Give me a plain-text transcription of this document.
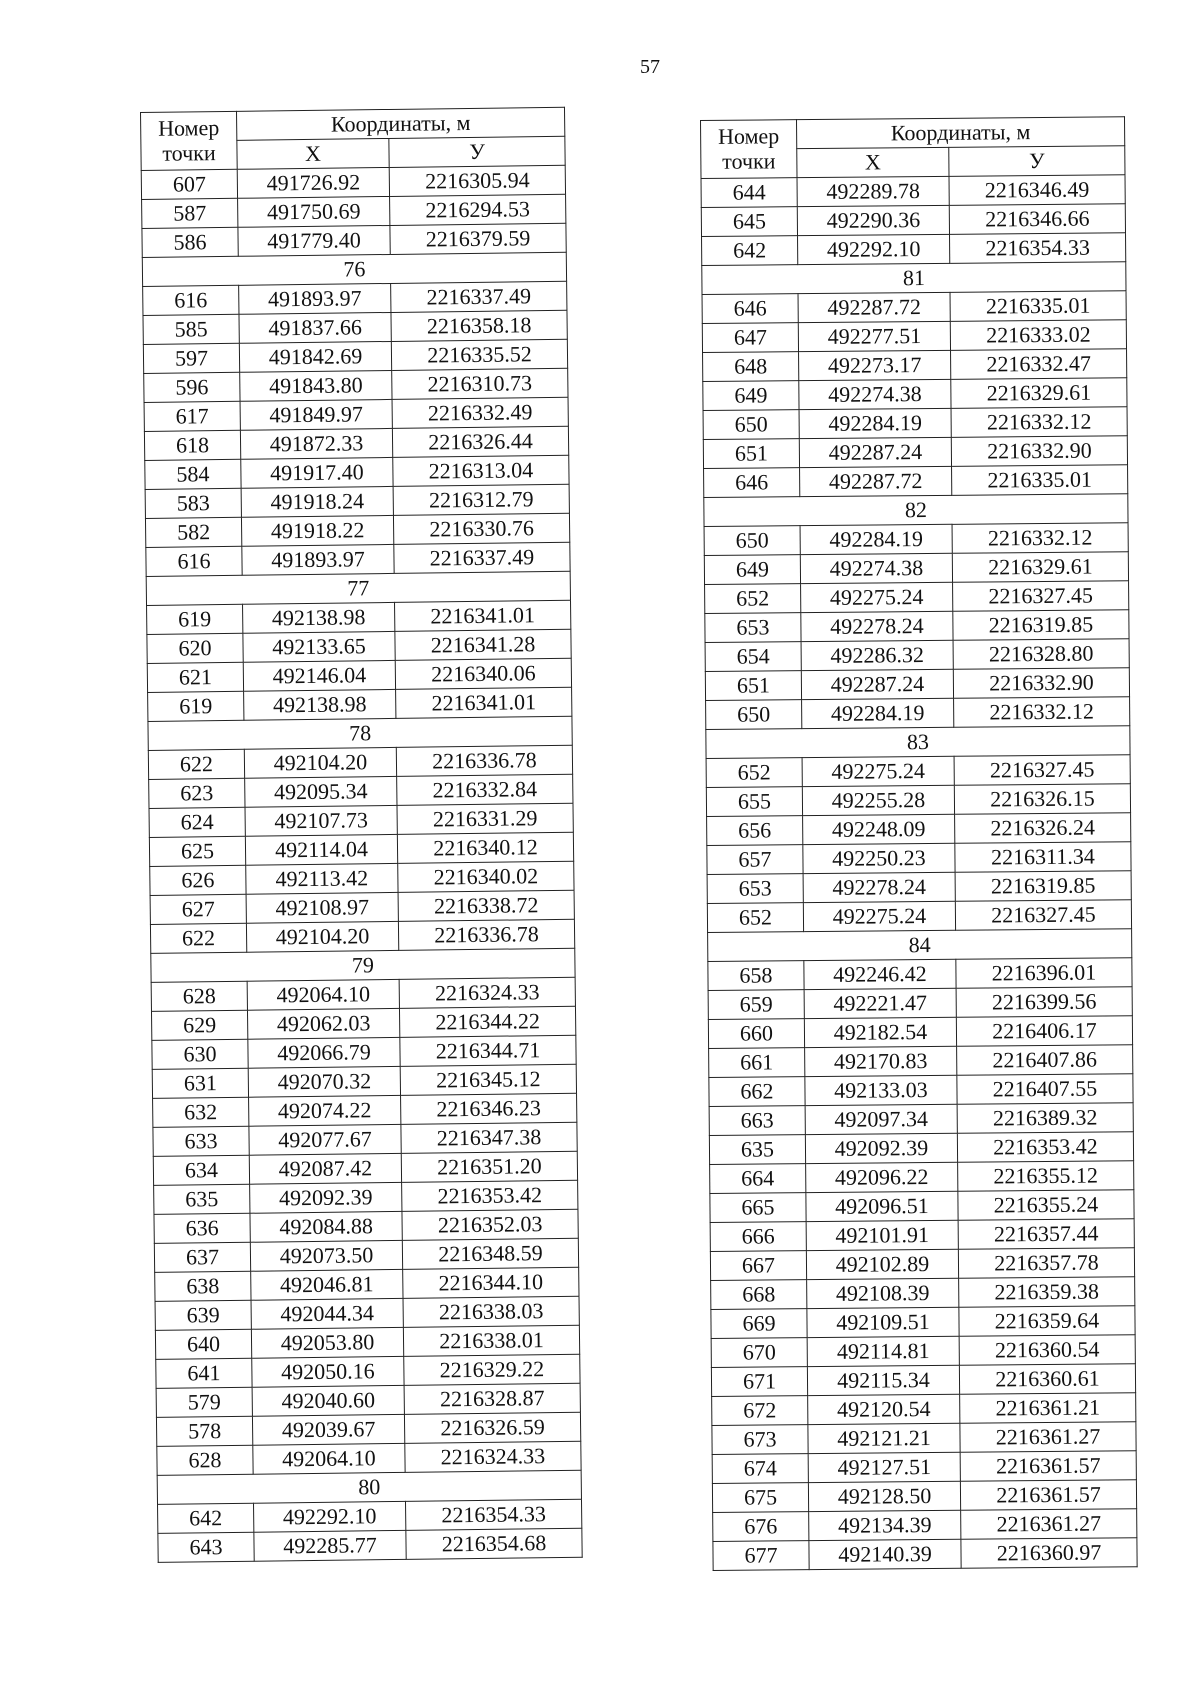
57
Номер
точки	Координаты, м	
	X	У
607	491726.92	2216305.94
587	491750.69	2216294.53
586	491779.40	2216379.59
76		
616	491893.97	2216337.49
585	491837.66	2216358.18
597	491842.69	2216335.52
596	491843.80	2216310.73
617	491849.97	2216332.49
618	491872.33	2216326.44
584	491917.40	2216313.04
583	491918.24	2216312.79
582	491918.22	2216330.76
616	491893.97	2216337.49
77		
619	492138.98	2216341.01
620	492133.65	2216341.28
621	492146.04	2216340.06
619	492138.98	2216341.01
78		
622	492104.20	2216336.78
623	492095.34	2216332.84
624	492107.73	2216331.29
625	492114.04	2216340.12
626	492113.42	2216340.02
627	492108.97	2216338.72
622	492104.20	2216336.78
79		
628	492064.10	2216324.33
629	492062.03	2216344.22
630	492066.79	2216344.71
631	492070.32	2216345.12
632	492074.22	2216346.23
633	492077.67	2216347.38
634	492087.42	2216351.20
635	492092.39	2216353.42
636	492084.88	2216352.03
637	492073.50	2216348.59
638	492046.81	2216344.10
639	492044.34	2216338.03
640	492053.80	2216338.01
641	492050.16	2216329.22
579	492040.60	2216328.87
578	492039.67	2216326.59
628	492064.10	2216324.33
80		
642	492292.10	2216354.33
643	492285.77	2216354.68
Номер
точки	Координаты, м	
	X	У
644	492289.78	2216346.49
645	492290.36	2216346.66
642	492292.10	2216354.33
81		
646	492287.72	2216335.01
647	492277.51	2216333.02
648	492273.17	2216332.47
649	492274.38	2216329.61
650	492284.19	2216332.12
651	492287.24	2216332.90
646	492287.72	2216335.01
82		
650	492284.19	2216332.12
649	492274.38	2216329.61
652	492275.24	2216327.45
653	492278.24	2216319.85
654	492286.32	2216328.80
651	492287.24	2216332.90
650	492284.19	2216332.12
83		
652	492275.24	2216327.45
655	492255.28	2216326.15
656	492248.09	2216326.24
657	492250.23	2216311.34
653	492278.24	2216319.85
652	492275.24	2216327.45
84		
658	492246.42	2216396.01
659	492221.47	2216399.56
660	492182.54	2216406.17
661	492170.83	2216407.86
662	492133.03	2216407.55
663	492097.34	2216389.32
635	492092.39	2216353.42
664	492096.22	2216355.12
665	492096.51	2216355.24
666	492101.91	2216357.44
667	492102.89	2216357.78
668	492108.39	2216359.38
669	492109.51	2216359.64
670	492114.81	2216360.54
671	492115.34	2216360.61
672	492120.54	2216361.21
673	492121.21	2216361.27
674	492127.51	2216361.57
675	492128.50	2216361.57
676	492134.39	2216361.27
677	492140.39	2216360.97
